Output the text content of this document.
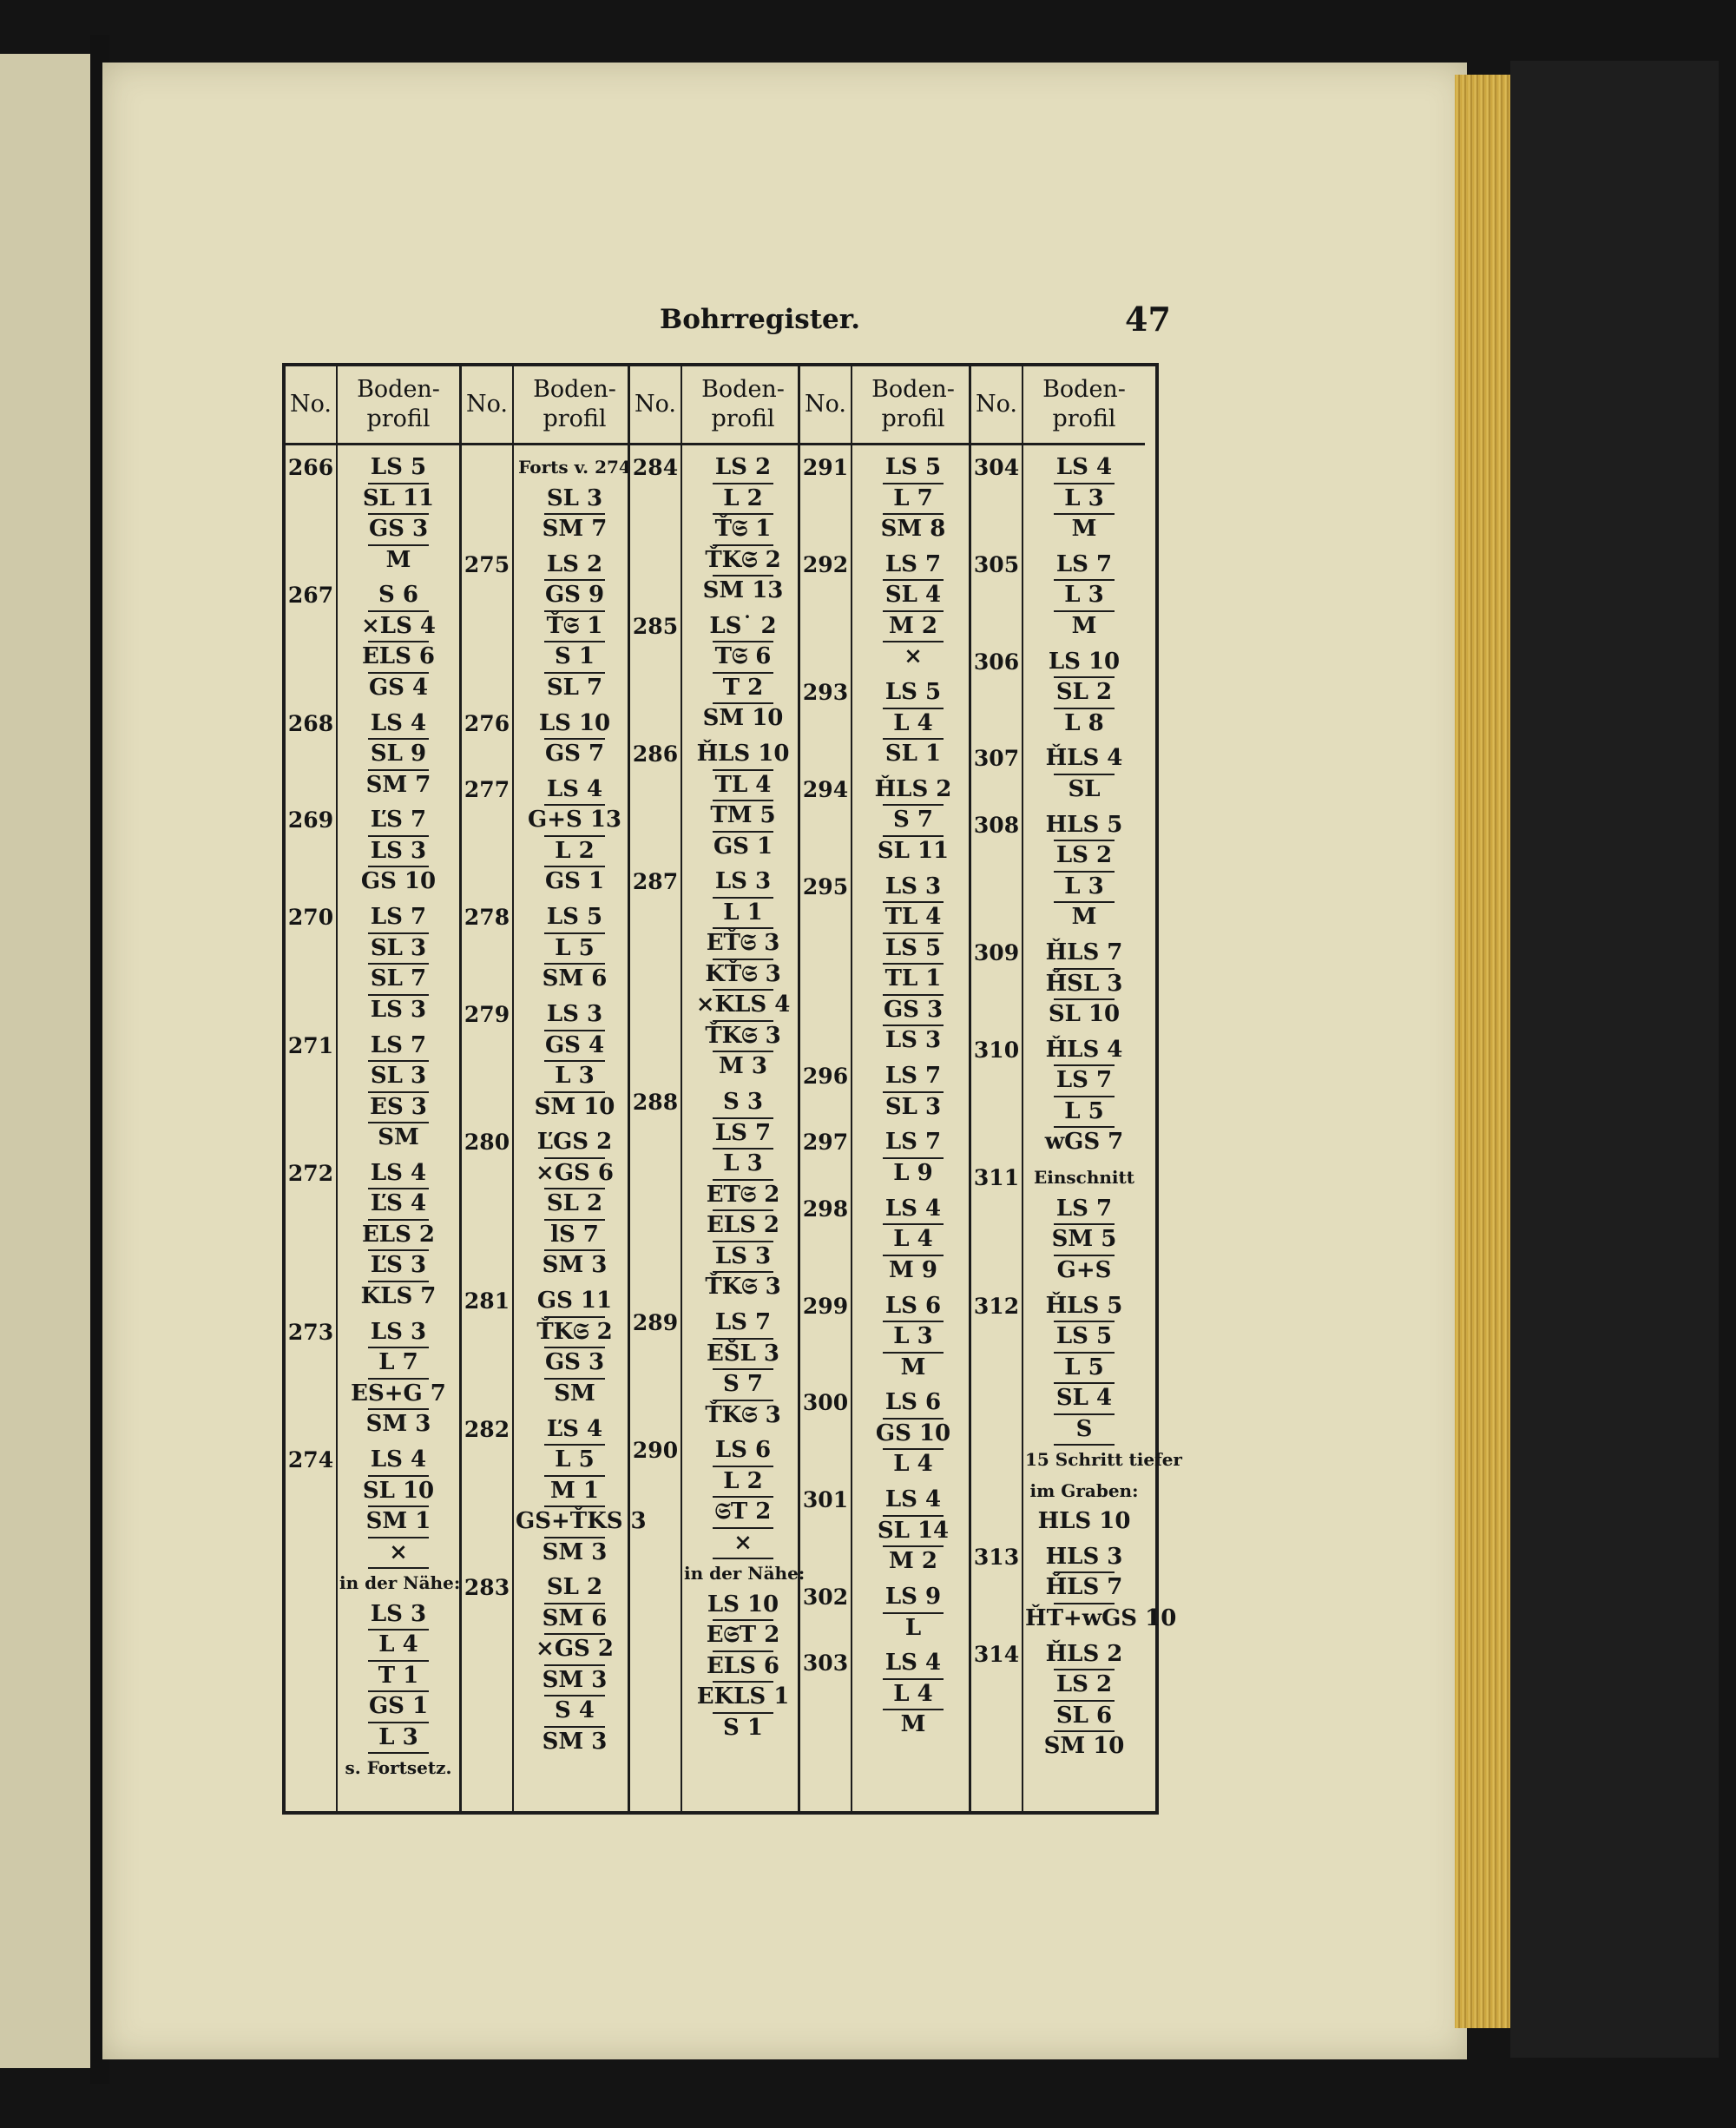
Bohrregister.	47
No.
Boden-
profil
266	LS 5
SL 11
GS 3
M
267	S 6
×LS 4
ELS 6
GS 4
268	LS 4
SL 9
SM 7
269	ĽS 7
LS 3
GS 10
270	LS 7
SL 3
SL 7
LS 3
271	LS 7
SL 3
ES 3
SM
272	LS 4
ĽS 4
ELS 2
ĽS 3
KLS 7
273	LS 3
L 7
ES+G 7
SM 3
274	LS 4
SL 10
SM 1
×
in der Nähe:
LS 3
L 4
T 1
GS 1
L 3
s. Fortsetz.
No.
Boden-
profil
Forts v. 274
SL 3
SM 7
275	LS 2
GS 9
Ť𝔖 1
S 1
SL 7
276	LS 10
GS 7
277	LS 4
G+S 13
L 2
GS 1
278	LS 5
L 5
SM 6
279	LS 3
GS 4
L 3
SM 10
280	ĽGS 2
×GS 6
SL 2
lS 7
SM 3
281	GS 11
ŤK𝔖 2
GS 3
SM
282	ĽS 4
L 5
M 1
GS+ŤKS 3
SM 3
283	SL 2
SM 6
×GS 2
SM 3
S 4
SM 3
No.
Boden-
profil
284	LS 2
L 2
Ť𝔖 1
ŤK𝔖 2
SM 13
285	LS˙ 2
T𝔖 6
T 2
SM 10
286 ȞLS 10
TL 4
TM 5
GS 1
287	LS 3
L 1
EŤ𝔖 3
KŤ𝔖 3
×KLS 4
ŤK𝔖 3
M 3
288	S 3
LS 7
L 3
ET𝔖 2
ELS 2
LS 3
ŤK𝔖 3
289	LS 7
EŠL 3
S 7
ŤK𝔖 3
290	LS 6
L 2
𝔖T 2
×
in der Nähe:
LS 10
E𝔖T 2
ELS 6
EKLS 1
S 1
No.
Boden-
profil
291	LS 5
L 7
SM 8
292	LS 7
SL 4
M 2
×
293	LS 5
L 4
SL 1
294	ȞLS 2
S 7
SL 11
295	LS 3
TL 4
LS 5
TL 1
GS 3
LS 3
296	LS 7
SL 3
297	LS 7
L 9
298	LS 4
L 4
M 9
299	LS 6
L 3
M
300	LS 6
GS 10
L 4
301	LS 4
SL 14
M 2
302	LS 9
L
303	LS 4
L 4
M
No.
Boden-
profil
304	LS 4
L 3
M
305	LS 7
L 3
M
306	LS 10
SL 2
L 8
307	ȞLS 4
SL
308	HLS 5
LS 2
L 3
M
309	ȞLS 7
ȞSL 3
SL 10
310	ȞLS 4
LS 7
L 5
wGS 7
311 Einschnitt
LS 7
SM 5
G+S
312	ȞLS 5
LS 5
L 5
SL 4
S
15 Schritt tiefer
im Graben:
HLS 10
313	HLS 3
ȞLS 7
ȞT+wGS 10
314	ȞLS 2
LS 2
SL 6
SM 10
